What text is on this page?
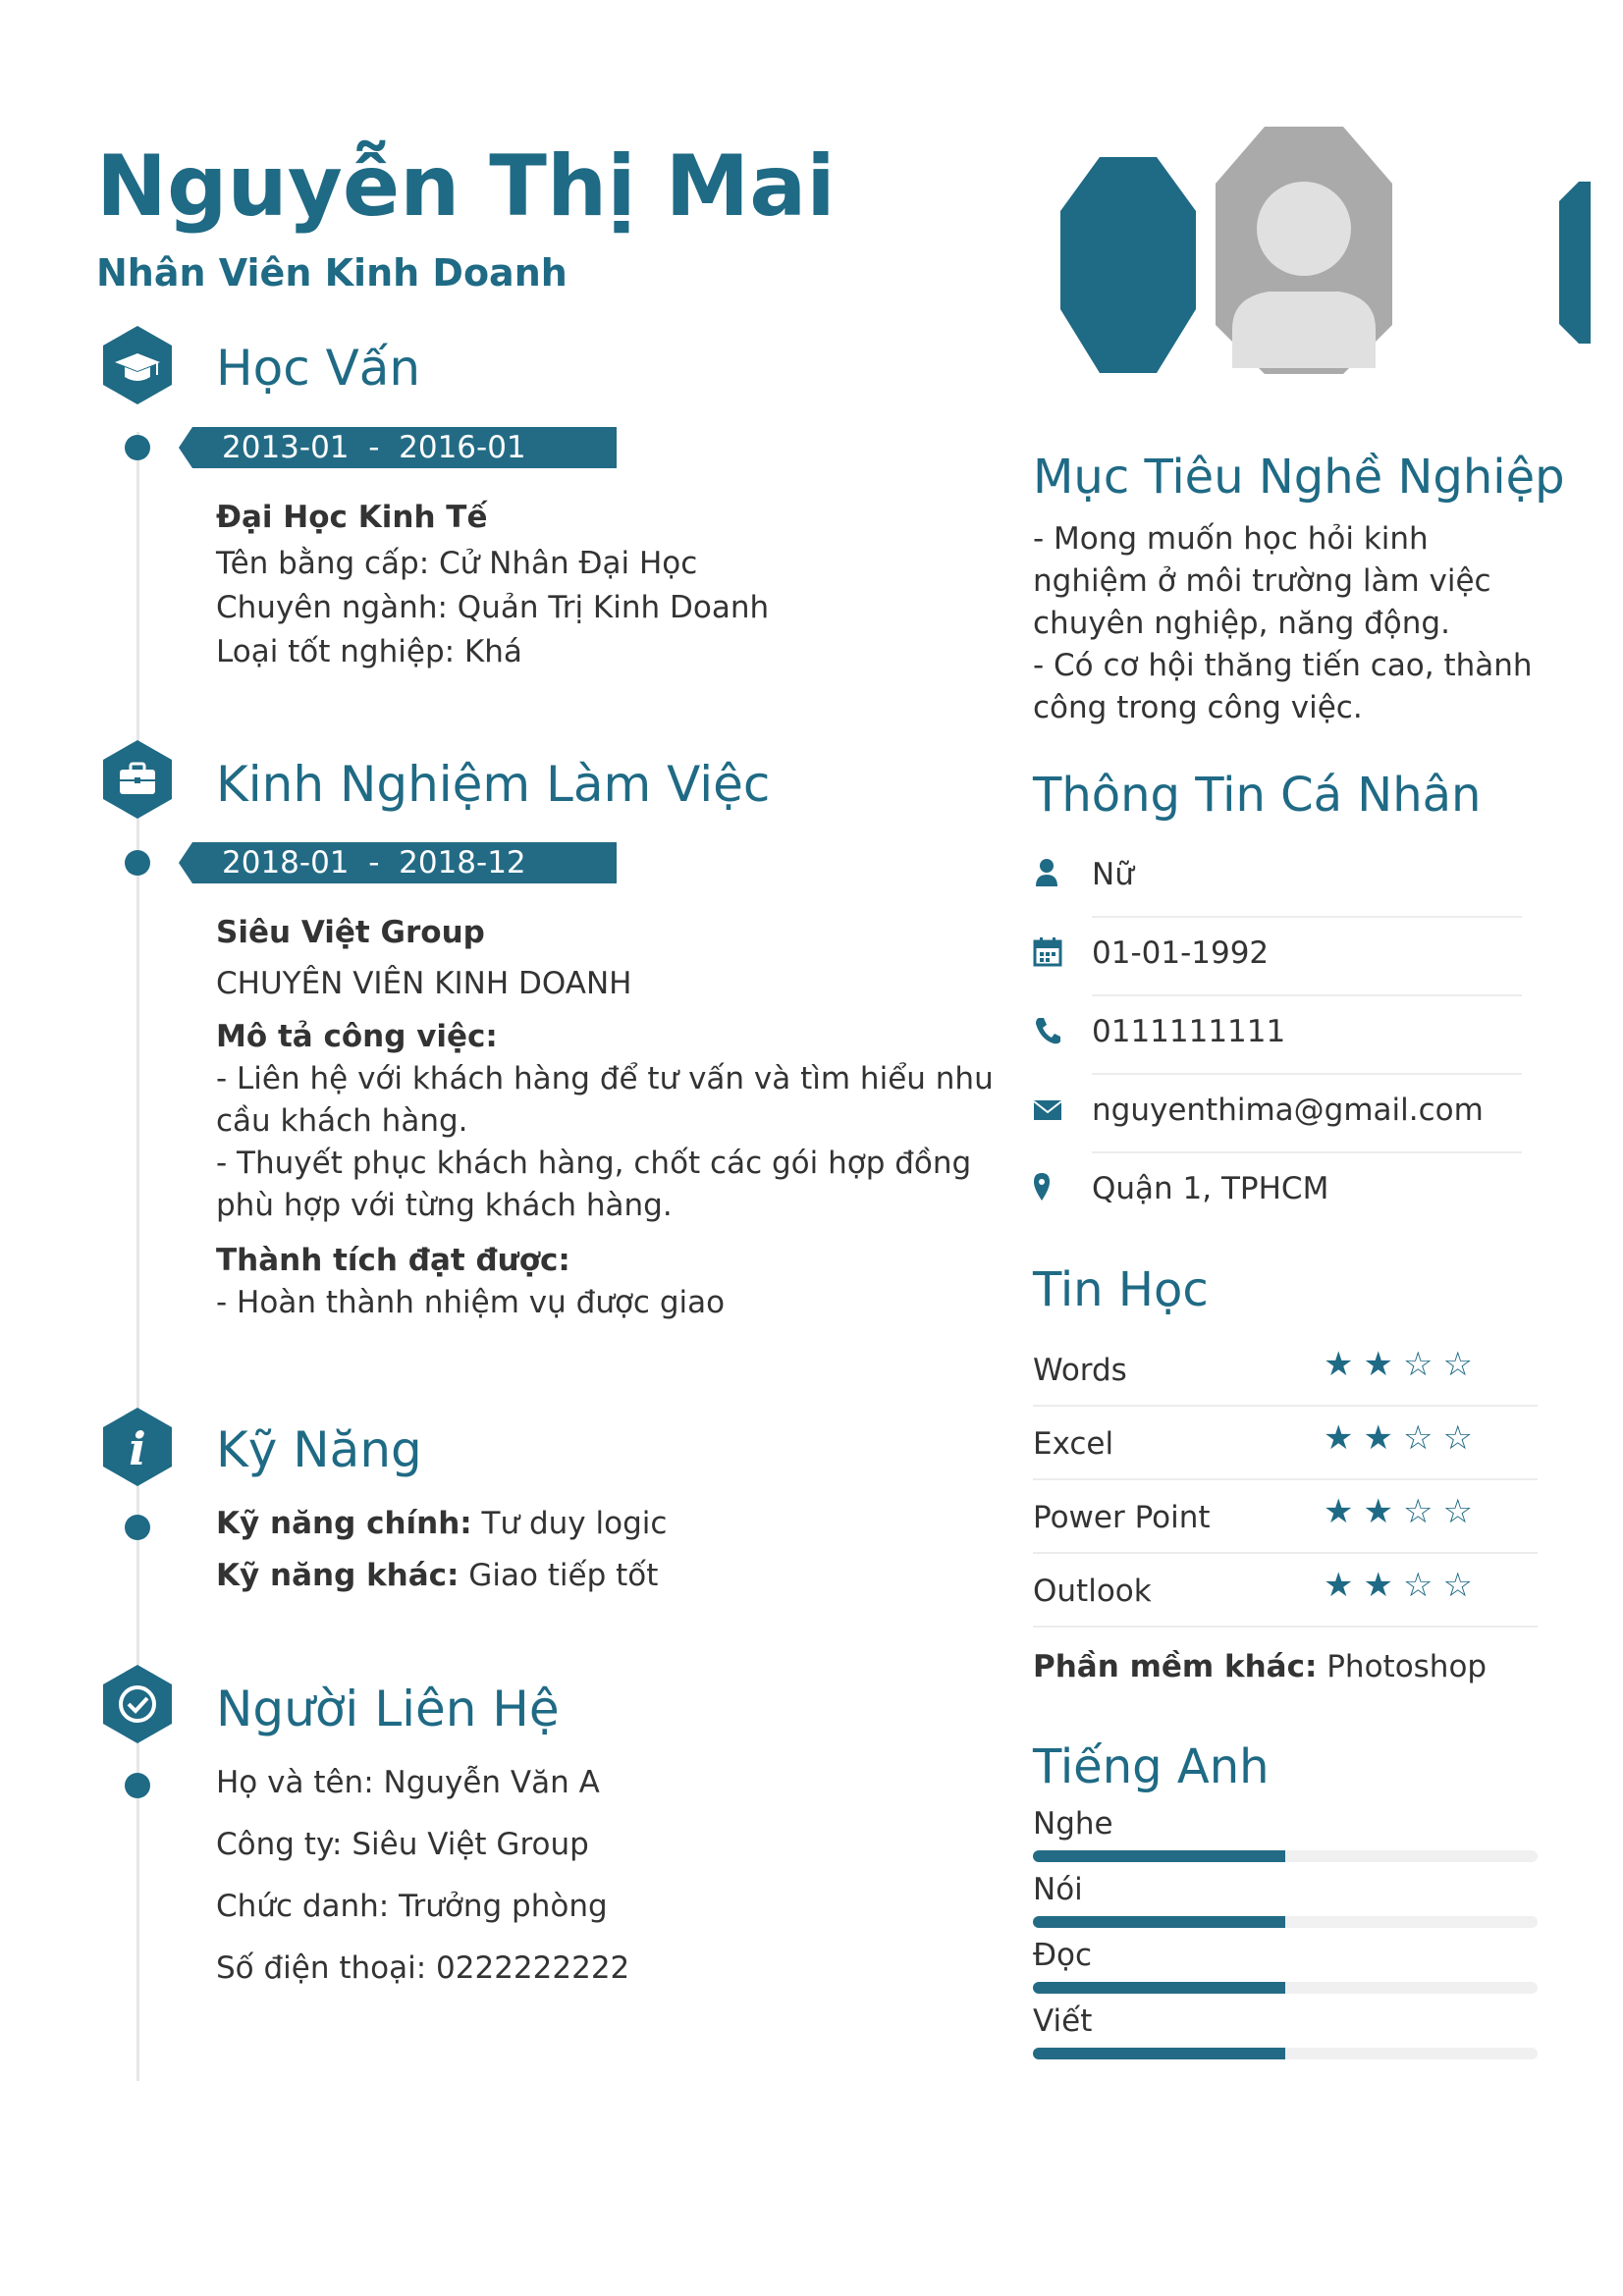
Nguyễn Thị Mai
Nhân Viên Kinh Doanh
Học Vấn
2013-01  -  2016-01
Đại Học Kinh Tế
Tên bằng cấp: Cử Nhân Đại Học
Chuyên ngành: Quản Trị Kinh Doanh
Loại tốt nghiệp: Khá
Kinh Nghiệm Làm Việc
2018-01  -  2018-12
Siêu Việt Group
CHUYÊN VIÊN KINH DOANH
Mô tả công việc:
- Liên hệ với khách hàng để tư vấn và tìm hiểu nhu cầu khách hàng.
- Thuyết phục khách hàng, chốt các gói hợp đồng phù hợp với từng khách hàng.
Thành tích đạt được:
- Hoàn thành nhiệm vụ được giao
i Kỹ Năng
Kỹ năng chính: Tư duy logic
Kỹ năng khác: Giao tiếp tốt
Người Liên Hệ
Họ và tên: Nguyễn Văn A
Công ty: Siêu Việt Group
Chức danh: Trưởng phòng
Số điện thoại: 0222222222
Mục Tiêu Nghề Nghiệp
- Mong muốn học hỏi kinh nghiệm ở môi trường làm việc chuyên nghiệp, năng động.
- Có cơ hội thăng tiến cao, thành công trong công việc.
Thông Tin Cá Nhân
Nữ
01-01-1992
0111111111
nguyenthima@gmail.com
Quận 1, TPHCM
Tin Học
Phần mềm khác: Photoshop
Tiếng Anh
Words	★★☆☆
Excel	★★☆☆
Power Point	★★☆☆
Outlook	★★☆☆
Nghe
Nói
Đọc
Viết
